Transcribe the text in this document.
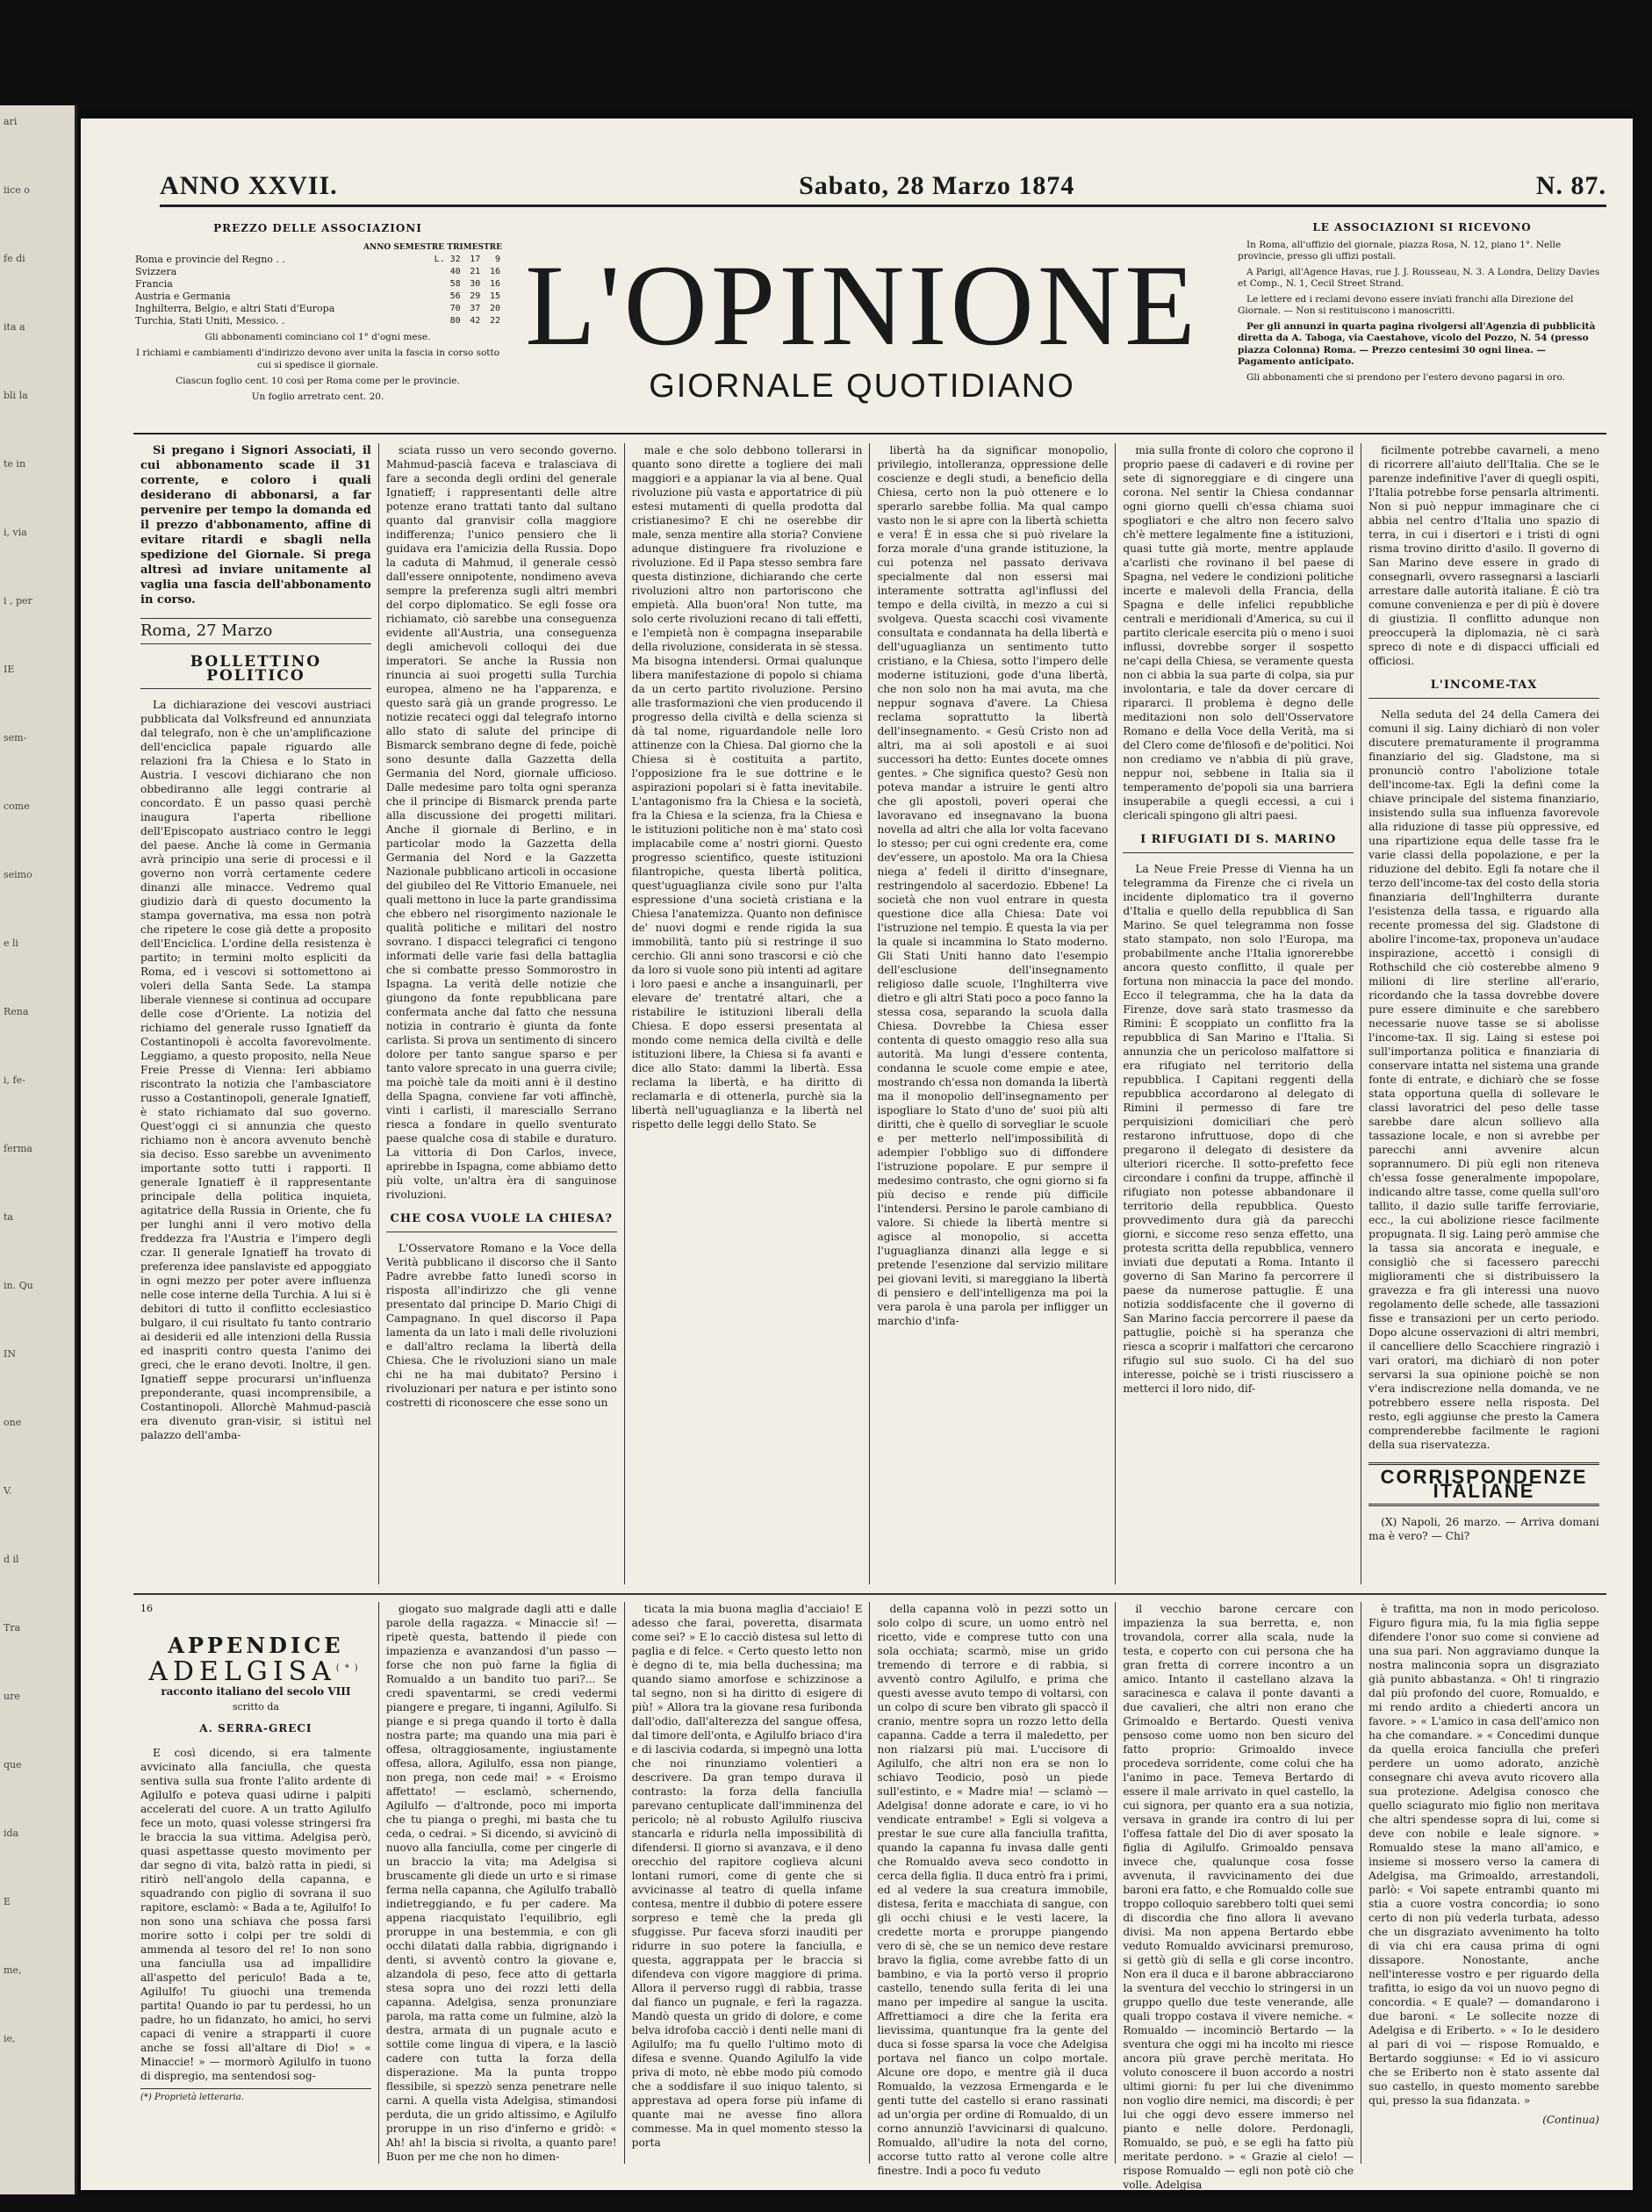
ari
iice o
fe di
ita a
bli la
te in
i, via
i , per
IE
sem-
come
seimo
e li
Rena
i, fe-
ferma
ta
in. Qu
IN
one
V.
d il
Tra
ure
que
ida
E
me,
ie,
ANNO XXVII.	Sabato, 28 Marzo 1874	N. 87.
PREZZO DELLE ASSOCIAZIONI
ANNO SEMESTRE TRIMESTRE
Roma e provincie del Regno . .	L. 32	17	9
Svizzera	40	21	16
Francia	58	30	16
Austria e Germania	56	29	15
Inghilterra, Belgio, e altri Stati d'Europa	70	37	20
Turchia, Stati Uniti, Messico. .	80	42	22
Gli abbonamenti cominciano col 1° d'ogni mese.
I richiami e cambiamenti d'indirizzo devono aver unita la fascia in corso sotto cui si spedisce il giornale.
Ciascun foglio cent. 10 così per Roma come per le provincie.
Un foglio arretrato cent. 20.
L'OPINIONE
GIORNALE QUOTIDIANO
LE ASSOCIAZIONI SI RICEVONO

In Roma, all'uffizio del giornale, piazza Rosa, N. 12, piano 1°. Nelle provincie, presso gli uffizi postali.

A Parigi, all'Agence Havas, rue J. J. Rousseau, N. 3. A Londra, Delizy Davies et Comp., N. 1, Cecil Street Strand.

Le lettere ed i reclami devono essere inviati franchi alla Direzione del Giornale. — Non si restituiscono i manoscritti.

Per gli annunzi in quarta pagina rivolgersi all'Agenzia di pubblicità diretta da A. Taboga, via Caestahove, vicolo del Pozzo, N. 54 (presso piazza Colonna) Roma. — Prezzo centesimi 30 ogni linea. — Pagamento anticipato.

Gli abbonamenti che si prendono per l'estero devono pagarsi in oro.

Si pregano i Signori Associati, il cui abbonamento scade il 31 corrente, e coloro i quali desiderano di abbonarsi, a far pervenire per tempo la domanda ed il prezzo d'abbonamento, affine di evitare ritardi e sbagli nella spedizione del Giornale. Si prega altresì ad inviare unitamente al vaglia una fascia dell'abbonamento in corso.

Roma, 27 Marzo
BOLLETTINO POLITICO

La dichiarazione dei vescovi austriaci pubblicata dal Volksfreund ed annunziata dal telegrafo, non è che un'amplificazione dell'enciclica papale riguardo alle relazioni fra la Chiesa e lo Stato in Austria. I vescovi dichiarano che non obbediranno alle leggi contrarie al concordato. È un passo quasi perchè inaugura l'aperta ribellione dell'Episcopato austriaco contro le leggi del paese. Anche là come in Germania avrà principio una serie di processi e il governo non vorrà certamente cedere dinanzi alle minacce. Vedremo qual giudizio darà di questo documento la stampa governativa, ma essa non potrà che ripetere le cose già dette a proposito dell'Enciclica. L'ordine della resistenza è partito; in termini molto espliciti da Roma, ed i vescovi si sottomettono ai voleri della Santa Sede. La stampa liberale viennese si continua ad occupare delle cose d'Oriente. La notizia del richiamo del generale russo Ignatieff da Costantinopoli è accolta favorevolmente. Leggiamo, a questo proposito, nella Neue Freie Presse di Vienna: Ieri abbiamo riscontrato la notizia che l'ambasciatore russo a Costantinopoli, generale Ignatieff, è stato richiamato dal suo governo. Quest'oggi ci si annunzia che questo richiamo non è ancora avvenuto benchè sia deciso. Esso sarebbe un avvenimento importante sotto tutti i rapporti. Il generale Ignatieff è il rappresentante principale della politica inquieta, agitatrice della Russia in Oriente, che fu per lunghi anni il vero motivo della freddezza fra l'Austria e l'impero degli czar. Il generale Ignatieff ha trovato di preferenza idee panslaviste ed appoggiato in ogni mezzo per poter avere influenza nelle cose interne della Turchia. A lui si è debitori di tutto il conflitto ecclesiastico bulgaro, il cui risultato fu tanto contrario ai desiderii ed alle intenzioni della Russia ed inaspriti contro questa l'animo dei greci, che le erano devoti. Inoltre, il gen. Ignatieff seppe procurarsi un'influenza preponderante, quasi incomprensibile, a Costantinopoli. Allorchè Mahmud-pascià era divenuto gran-visir, si istituì nel palazzo dell'amba-

sciata russo un vero secondo governo. Mahmud-pascià faceva e tralasciava di fare a seconda degli ordini del generale Ignatieff; i rappresentanti delle altre potenze erano trattati tanto dal sultano quanto dal granvisir colla maggiore indifferenza; l'unico pensiero che li guidava era l'amicizia della Russia. Dopo la caduta di Mahmud, il generale cessò dall'essere onnipotente, nondimeno aveva sempre la preferenza sugli altri membri del corpo diplomatico. Se egli fosse ora richiamato, ciò sarebbe una conseguenza evidente all'Austria, una conseguenza degli amichevoli colloqui dei due imperatori. Se anche la Russia non rinuncia ai suoi progetti sulla Turchia europea, almeno ne ha l'apparenza, e questo sarà già un grande progresso. Le notizie recateci oggi dal telegrafo intorno allo stato di salute del principe di Bismarck sembrano degne di fede, poichè sono desunte dalla Gazzetta della Germania del Nord, giornale ufficioso. Dalle medesime paro tolta ogni speranza che il principe di Bismarck prenda parte alla discussione dei progetti militari. Anche il giornale di Berlino, e in particolar modo la Gazzetta della Germania del Nord e la Gazzetta Nazionale pubblicano articoli in occasione del giubileo del Re Vittorio Emanuele, nei quali mettono in luce la parte grandissima che ebbero nel risorgimento nazionale le qualità politiche e militari del nostro sovrano. I dispacci telegrafici ci tengono informati delle varie fasi della battaglia che si combatte presso Sommorostro in Ispagna. La verità delle notizie che giungono da fonte repubblicana pare confermata anche dal fatto che nessuna notizia in contrario è giunta da fonte carlista. Si prova un sentimento di sincero dolore per tanto sangue sparso e per tanto valore sprecato in una guerra civile; ma poichè tale da moiti anni è il destino della Spagna, conviene far voti affinchè, vinti i carlisti, il maresciallo Serrano riesca a fondare in quello sventurato paese qualche cosa di stabile e duraturo. La vittoria di Don Carlos, invece, aprirebbe in Ispagna, come abbiamo detto più volte, un'altra èra di sanguinose rivoluzioni.

CHE COSA VUOLE LA CHIESA?

L'Osservatore Romano e la Voce della Verità pubblicano il discorso che il Santo Padre avrebbe fatto lunedì scorso in risposta all'indirizzo che gli venne presentato dal principe D. Mario Chigi di Campagnano. In quel discorso il Papa lamenta da un lato i mali delle rivoluzioni e dall'altro reclama la libertà della Chiesa. Che le rivoluzioni siano un male chi ne ha mai dubitato? Persino i rivoluzionari per natura e per istinto sono costretti di riconoscere che esse sono un

male e che solo debbono tollerarsi in quanto sono dirette a togliere dei mali maggiori e a appianar la via al bene. Qual rivoluzione più vasta e apportatrice di più estesi mutamenti di quella prodotta dal cristianesimo? E chi ne oserebbe dir male, senza mentire alla storia? Conviene adunque distinguere fra rivoluzione e rivoluzione. Ed il Papa stesso sembra fare questa distinzione, dichiarando che certe rivoluzioni altro non partoriscono che empietà. Alla buon'ora! Non tutte, ma solo certe rivoluzioni recano di tali effetti, e l'empietà non è compagna inseparabile della rivoluzione, considerata in sè stessa. Ma bisogna intendersi. Ormai qualunque libera manifestazione di popolo si chiama da un certo partito rivoluzione. Persino alle trasformazioni che vien producendo il progresso della civiltà e della scienza si dà tal nome, riguardandole nelle loro attinenze con la Chiesa. Dal giorno che la Chiesa si è costituita a partito, l'opposizione fra le sue dottrine e le aspirazioni popolari si è fatta inevitabile. L'antagonismo fra la Chiesa e la società, fra la Chiesa e la scienza, fra la Chiesa e le istituzioni politiche non è ma' stato così implacabile come a' nostri giorni. Questo progresso scientifico, queste istituzioni filantropiche, questa libertà politica, quest'uguaglianza civile sono pur l'alta espressione d'una società cristiana e la Chiesa l'anatemizza. Quanto non definisce de' nuovi dogmi e rende rigida la sua immobilità, tanto più si restringe il suo cerchio. Gli anni sono trascorsi e ciò che da loro si vuole sono più intenti ad agitare i loro paesi e anche a insanguinarli, per elevare de' trentatré altari, che a ristabilire le istituzioni liberali della Chiesa. E dopo essersi presentata al mondo come nemica della civiltà e delle istituzioni libere, la Chiesa si fa avanti e dice allo Stato: dammi la libertà. Essa reclama la libertà, e ha diritto di reclamarla e di ottenerla, purchè sia la libertà nell'uguaglianza e la libertà nel rispetto delle leggi dello Stato. Se

libertà ha da significar monopolio, privilegio, intolleranza, oppressione delle coscienze e degli studi, a beneficio della Chiesa, certo non la può ottenere e lo sperarlo sarebbe follia. Ma qual campo vasto non le si apre con la libertà schietta e vera! È in essa che si può rivelare la forza morale d'una grande istituzione, la cui potenza nel passato derivava specialmente dal non essersi mai interamente sottratta agl'influssi del tempo e della civiltà, in mezzo a cui si svolgeva. Questa scacchi così vivamente consultata e condannata ha della libertà e dell'uguaglianza un sentimento tutto cristiano, e la Chiesa, sotto l'impero delle moderne istituzioni, gode d'una libertà, che non solo non ha mai avuta, ma che neppur sognava d'avere. La Chiesa reclama soprattutto la libertà dell'insegnamento. « Gesù Cristo non ad altri, ma ai soli apostoli e ai suoi successori ha detto: Euntes docete omnes gentes. » Che significa questo? Gesù non poteva mandar a istruire le genti altro che gli apostoli, poveri operai che lavoravano ed insegnavano la buona novella ad altri che alla lor volta facevano lo stesso; per cui ogni credente era, come dev'essere, un apostolo. Ma ora la Chiesa niega a' fedeli il diritto d'insegnare, restringendolo al sacerdozio. Ebbene! La società che non vuol entrare in questa questione dice alla Chiesa: Date voi l'istruzione nel tempio. È questa la via per la quale si incammina lo Stato moderno. Gli Stati Uniti hanno dato l'esempio dell'esclusione dell'insegnamento religioso dalle scuole, l'Inghilterra vive dietro e gli altri Stati poco a poco fanno la stessa cosa, separando la scuola dalla Chiesa. Dovrebbe la Chiesa esser contenta di questo omaggio reso alla sua autorità. Ma lungi d'essere contenta, condanna le scuole come empie e atee, mostrando ch'essa non domanda la libertà ma il monopolio dell'insegnamento per ispogliare lo Stato d'uno de' suoi più alti diritti, che è quello di sorvegliar le scuole e per metterlo nell'impossibilità di adempier l'obbligo suo di diffondere l'istruzione popolare. E pur sempre il medesimo contrasto, che ogni giorno si fa più deciso e rende più difficile l'intendersi. Persino le parole cambiano di valore. Si chiede la libertà mentre si agisce al monopolio, si accetta l'uguaglianza dinanzi alla legge e si pretende l'esenzione dal servizio militare pei giovani leviti, si mareggiano la libertà di pensiero e dell'intelligenza ma poi la vera parola è una parola per infligger un marchio d'infa-

mia sulla fronte di coloro che coprono il proprio paese di cadaveri e di rovine per sete di signoreggiare e di cingere una corona. Nel sentir la Chiesa condannar ogni giorno quelli ch'essa chiama suoi spogliatori e che altro non fecero salvo ch'è mettere legalmente fine a istituzioni, quasi tutte già morte, mentre applaude a'carlisti che rovinano il bel paese di Spagna, nel vedere le condizioni politiche incerte e malevoli della Francia, della Spagna e delle infelici repubbliche centrali e meridionali d'America, su cui il partito clericale esercita più o meno i suoi influssi, dovrebbe sorger il sospetto ne'capi della Chiesa, se veramente questa non ci abbia la sua parte di colpa, sia pur involontaria, e tale da dover cercare di ripararci. Il problema è degno delle meditazioni non solo dell'Osservatore Romano e della Voce della Verità, ma si del Clero come de'filosofi e de'politici. Noi non crediamo ve n'abbia di più grave, neppur noi, sebbene in Italia sia il temperamento de'popoli sia una barriera insuperabile a quegli eccessi, a cui i clericali spingono gli altri paesi.

I RIFUGIATI DI S. MARINO

La Neue Freie Presse di Vienna ha un telegramma da Firenze che ci rivela un incidente diplomatico tra il governo d'Italia e quello della repubblica di San Marino. Se quel telegramma non fosse stato stampato, non solo l'Europa, ma probabilmente anche l'Italia ignorerebbe ancora questo conflitto, il quale per fortuna non minaccia la pace del mondo. Ecco il telegramma, che ha la data da Firenze, dove sarà stato trasmesso da Rimini: È scoppiato un conflitto fra la repubblica di San Marino e l'Italia. Si annunzia che un pericoloso malfattore si era rifugiato nel territorio della repubblica. I Capitani reggenti della repubblica accordarono al delegato di Rimini il permesso di fare tre perquisizioni domiciliari che però restarono infruttuose, dopo di che pregarono il delegato di desistere da ulteriori ricerche. Il sotto-prefetto fece circondare i confini da truppe, affinchè il rifugiato non potesse abbandonare il territorio della repubblica. Questo provvedimento dura già da parecchi giorni, e siccome reso senza effetto, una protesta scritta della repubblica, vennero inviati due deputati a Roma. Intanto il governo di San Marino fa percorrere il paese da numerose pattuglie. È una notizia soddisfacente che il governo di San Marino faccia percorrere il paese da pattuglie, poichè si ha speranza che riesca a scoprir i malfattori che cercarono rifugio sul suo suolo. Ci ha del suo interesse, poichè se i tristi riuscissero a metterci il loro nido, dif-

ficilmente potrebbe cavarneli, a meno di ricorrere all'aiuto dell'Italia. Che se le parenze indefinitive l'aver di quegli ospiti, l'Italia potrebbe forse pensarla altrimenti. Non si può neppur immaginare che ci abbia nel centro d'Italia uno spazio di terra, in cui i disertori e i tristi di ogni risma trovino diritto d'asilo. Il governo di San Marino deve essere in grado di consegnarli, ovvero rassegnarsi a lasciarli arrestare dalle autorità italiane. È ciò tra comune convenienza e per di più è dovere di giustizia. Il conflitto adunque non preoccuperà la diplomazia, nè ci sarà spreco di note e di dispacci ufficiali ed officiosi.

L'INCOME-TAX

Nella seduta del 24 della Camera dei comuni il sig. Lainy dichiarò di non voler discutere prematuramente il programma finanziario del sig. Gladstone, ma si pronunciò contro l'abolizione totale dell'income-tax. Egli la definì come la chiave principale del sistema finanziario, insistendo sulla sua influenza favorevole alla riduzione di tasse più oppressive, ed una ripartizione equa delle tasse fra le varie classi della popolazione, e per la riduzione del debito. Egli fa notare che il terzo dell'income-tax del costo della storia finanziaria dell'Inghilterra durante l'esistenza della tassa, e riguardo alla recente promessa del sig. Gladstone di abolire l'income-tax, proponeva un'audace inspirazione, accettò i consigli di Rothschild che ciò costerebbe almeno 9 milioni di lire sterline all'erario, ricordando che la tassa dovrebbe dovere pure essere diminuite e che sarebbero necessarie nuove tasse se si abolisse l'income-tax. Il sig. Laing si estese poi sull'importanza politica e finanziaria di conservare intatta nel sistema una grande fonte di entrate, e dichiarò che se fosse stata opportuna quella di sollevare le classi lavoratrici del peso delle tasse sarebbe dare alcun sollievo alla tassazione locale, e non si avrebbe per parecchi anni avvenire alcun soprannumero. Di più egli non riteneva ch'essa fosse generalmente impopolare, indicando altre tasse, come quella sull'oro tallito, il dazio sulle tariffe ferroviarie, ecc., la cui abolizione riesce facilmente propugnata. Il sig. Laing però ammise che la tassa sia ancorata e ineguale, e consigliò che si facessero parecchi miglioramenti che si distribuissero la gravezza e fra gli interessi una nuovo regolamento delle schede, alle tassazioni fisse e transazioni per un certo periodo. Dopo alcune osservazioni di altri membri, il cancelliere dello Scacchiere ringraziò i vari oratori, ma dichiarò di non poter servarsi la sua opinione poichè se non v'era indiscrezione nella domanda, ve ne potrebbero essere nella risposta. Del resto, egli aggiunse che presto la Camera comprenderebbe facilmente le ragioni della sua riservatezza.

CORRISPONDENZE ITALIANE

(X) Napoli, 26 marzo. — Arriva domani ma è vero? — Chi?

16
APPENDICE
ADELGISA(*)
racconto italiano del secolo VIII
scritto da
A. SERRA-GRECI

E così dicendo, si era talmente avvicinato alla fanciulla, che questa sentiva sulla sua fronte l'alito ardente di Agilulfo e poteva quasi udirne i palpiti accelerati del cuore. A un tratto Agilulfo fece un moto, quasi volesse stringersi fra le braccia la sua vittima. Adelgisa però, quasi aspettasse questo movimento per dar segno di vita, balzò ratta in piedi, si ritirò nell'angolo della capanna, e squadrando con piglio di sovrana il suo rapitore, esclamò: « Bada a te, Agilulfo! Io non sono una schiava che possa farsi morire sotto i colpi per tre soldi di ammenda al tesoro del re! Io non sono una fanciulla usa ad impallidire all'aspetto del periculo! Bada a te, Agilulfo! Tu giuochi una tremenda partita! Quando io par tu perdessi, ho un padre, ho un fidanzato, ho amici, ho servi capaci di venire a strapparti il cuore anche se fossi all'altare di Dio! » « Minaccie! » — mormorò Agilulfo in tuono di dispregio, ma sentendosi sog-

(*) Proprietà letteraria.

giogato suo malgrade dagli atti e dalle parole della ragazza. « Minaccie sì! — ripetè questa, battendo il piede con impazienza e avanzandosi d'un passo — forse che non può farne la figlia di Romualdo a un bandito tuo pari?... Se credi spaventarmi, se credi vedermi piangere e pregare, ti inganni, Agilulfo. Si piange e si prega quando il torto è dalla nostra parte; ma quando una mia pari è offesa, oltraggiosamente, ingiustamente offesa, allora, Agilulfo, essa non piange, non prega, non cede mai! » « Eroismo affettato! — esclamò, schernendo, Agilulfo — d'altronde, poco mi importa che tu pianga o preghi, mi basta che tu ceda, o cedrai. » Si dicendo, si avvicinò di nuovo alla fanciulla, come per cingerle di un braccio la vita; ma Adelgisa si bruscamente gli diede un urto e si rimase ferma nella capanna, che Agilulfo traballò indietreggiando, e fu per cadere. Ma appena riacquistato l'equilibrio, egli proruppe in una bestemmia, e con gli occhi dilatati dalla rabbia, digrignando i denti, si avventò contro la giovane e, alzandola di peso, fece atto di gettarla stesa sopra uno dei rozzi letti della capanna. Adelgisa, senza pronunziare parola, ma ratta come un fulmine, alzò la destra, armata di un pugnale acuto e sottile come lingua di vipera, e la lasciò cadere con tutta la forza della disperazione. Ma la punta troppo flessibile, si spezzò senza penetrare nelle carni. A quella vista Adelgisa, stimandosi perduta, die un grido altissimo, e Agilulfo proruppe in un riso d'inferno e gridò: « Ah! ah! la biscia si rivolta, a quanto pare! Buon per me che non ho dimen-

ticata la mia buona maglia d'acciaio! E adesso che farai, poveretta, disarmata come sei? » E lo cacciò distesa sul letto di paglia e di felce. « Certo questo letto non è degno di te, mia bella duchessina; ma quando siamo amorfose e schizzinose a tal segno, non si ha diritto di esigere di più! » Allora tra la giovane resa furibonda dall'odio, dall'alterezza del sangue offesa, dal timore dell'onta, e Agilulfo briaco d'ira e di lascivia codarda, si impegnò una lotta che noi rinunziamo volentieri a descrivere. Da gran tempo durava il contrasto: la forza della fanciulla parevano centuplicate dall'imminenza del pericolo; nè al robusto Agilulfo riusciva stancarla e ridurla nella impossibilità di difendersi. Il giorno si avanzava, e il deno orecchio del rapitore coglieva alcuni lontani rumori, come di gente che si avvicinasse al teatro di quella infame contesa, mentre il dubbio di potere essere sorpreso e temè che la preda gli sfuggisse. Pur faceva sforzi inauditi per ridurre in suo potere la fanciulla, e questa, aggrappata per le braccia si difendeva con vigore maggiore di prima. Allora il perverso ruggì di rabbia, trasse dal fianco un pugnale, e ferì la ragazza. Mandò questa un grido di dolore, e come belva idrofoba cacciò i denti nelle mani di Agilulfo; ma fu quello l'ultimo moto di difesa e svenne. Quando Agilulfo la vide priva di moto, nè ebbe modo più comodo che a soddisfare il suo iniquo talento, si apprestava ad opera forse più infame di quante mai ne avesse fino allora commesse. Ma in quel momento stesso la porta

della capanna volò in pezzi sotto un solo colpo di scure, un uomo entrò nel ricetto, vide e comprese tutto con una sola occhiata; scarmò, mise un grido tremendo di terrore e di rabbia, si avventò contro Agilulfo, e prima che questi avesse avuto tempo di voltarsi, con un colpo di scure ben vibrato gli spaccò il cranio, mentre sopra un rozzo letto della capanna. Cadde a terra il maledetto, per non rialzarsi più mai. L'uccisore di Agilulfo, che altri non era se non lo schiavo Teodicio, posò un piede sull'estinto, e « Madre mia! — sclamò — Adelgisa! donne adorate e care, io vi ho vendicate entrambe! » Egli si volgeva a prestar le sue cure alla fanciulla trafitta, quando la capanna fu invasa dalle genti che Romualdo aveva seco condotto in cerca della figlia. Il duca entrò fra i primi, ed al vedere la sua creatura immobile, distesa, ferita e macchiata di sangue, con gli occhi chiusi e le vesti lacere, la credette morta e proruppe piangendo vero di sè, che se un nemico deve restare bravo la figlia, come avrebbe fatto di un bambino, e via la portò verso il proprio castello, tenendo sulla ferita di lei una mano per impedire al sangue la uscita. Affrettiamoci a dire che la ferita era lievissima, quantunque fra la gente del duca si fosse sparsa la voce che Adelgisa portava nel fianco un colpo mortale. Alcune ore dopo, e mentre già il duca Romualdo, la vezzosa Ermengarda e le genti tutte del castello si erano rassinati ad un'orgia per ordine di Romualdo, di un corno annunziò l'avvicinarsi di qualcuno. Romualdo, all'udire la nota del corno, accorse tutto ratto al verone colle altre finestre. Indi a poco fu veduto

il vecchio barone cercare con impazienza la sua berretta, e, non trovandola, correr alla scala, nude la testa, e coperto con cui persona che ha gran fretta di correre incontro a un amico. Intanto il castellano alzava la saracinesca e calava il ponte davanti a due cavalieri, che altri non erano che Grimoaldo e Bertardo. Questi veniva pensoso come uomo non ben sicuro del fatto proprio: Grimoaldo invece procedeva sorridente, come colui che ha l'animo in pace. Temeva Bertardo di essere il male arrivato in quel castello, la cui signora, per quanto era a sua notizia, versava in grande ira contro di lui per l'offesa fattale del Dio di aver sposato la figlia di Agilulfo. Grimoaldo pensava invece che, qualunque cosa fosse avvenuta, il ravvicinamento dei due baroni era fatto, e che Romualdo colle sue troppo colloquio sarebbero tolti quei semi di discordia che fino allora li avevano divisi. Ma non appena Bertardo ebbe veduto Romualdo avvicinarsi premuroso, si gettò giù di sella e gli corse incontro. Non era il duca e il barone abbracciarono la sventura del vecchio lo stringersi in un gruppo quello due teste venerande, alle quali troppo costava il vivere nemiche. « Romualdo — incominciò Bertardo — la sventura che oggi mi ha incolto mi riesce ancora più grave perchè meritata. Ho voluto conoscere il buon accordo a nostri ultimi giorni: fu per lui che divenimmo non voglio dire nemici, ma discordi; è per lui che oggi devo essere immerso nel pianto e nelle dolore. Perdonagli, Romualdo, se può, e se egli ha fatto più meritate perdono. » « Grazie al cielo! — rispose Romualdo — egli non potè ciò che volle. Adelgisa

è trafitta, ma non in modo pericoloso. Figuro figura mia, fu la mia figlia seppe difendere l'onor suo come si conviene ad una sua pari. Non aggraviamo dunque la nostra malinconia sopra un disgraziato già punito abbastanza. « Oh! ti ringrazio dal più profondo del cuore, Romualdo, e mi rendo ardito a chiederti ancora un favore. » « L'amico in casa dell'amico non ha che comandare. » « Concedimi dunque da quella eroica fanciulla che preferì perdere un uomo adorato, anzichè consegnare chi aveva avuto ricovero alla sua protezione. Adelgisa conosco che quello sciagurato mio figlio non meritava che altri spendesse sopra di lui, come si deve con nobile e leale signore. » Romualdo stese la mano all'amico, e insieme si mossero verso la camera di Adelgisa, ma Grimoaldo, arrestandoli, parlò: « Voi sapete entrambi quanto mi stia a cuore vostra concordia; io sono certo di non più vederla turbata, adesso che un disgraziato avvenimento ha tolto di via chi era causa prima di ogni dissapore. Nonostante, anche nell'interesse vostro e per riguardo della trafitta, io esigo da voi un nuovo pegno di concordia. « E quale? — domandarono i due baroni. « Le sollecite nozze di Adelgisa e di Eriberto. » « Io le desidero al pari di voi — rispose Romualdo, e Bertardo soggiunse: « Ed io vi assicuro che se Eriberto non è stato assente dal suo castello, in questo momento sarebbe qui, presso la sua fidanzata. »

(Continua)
